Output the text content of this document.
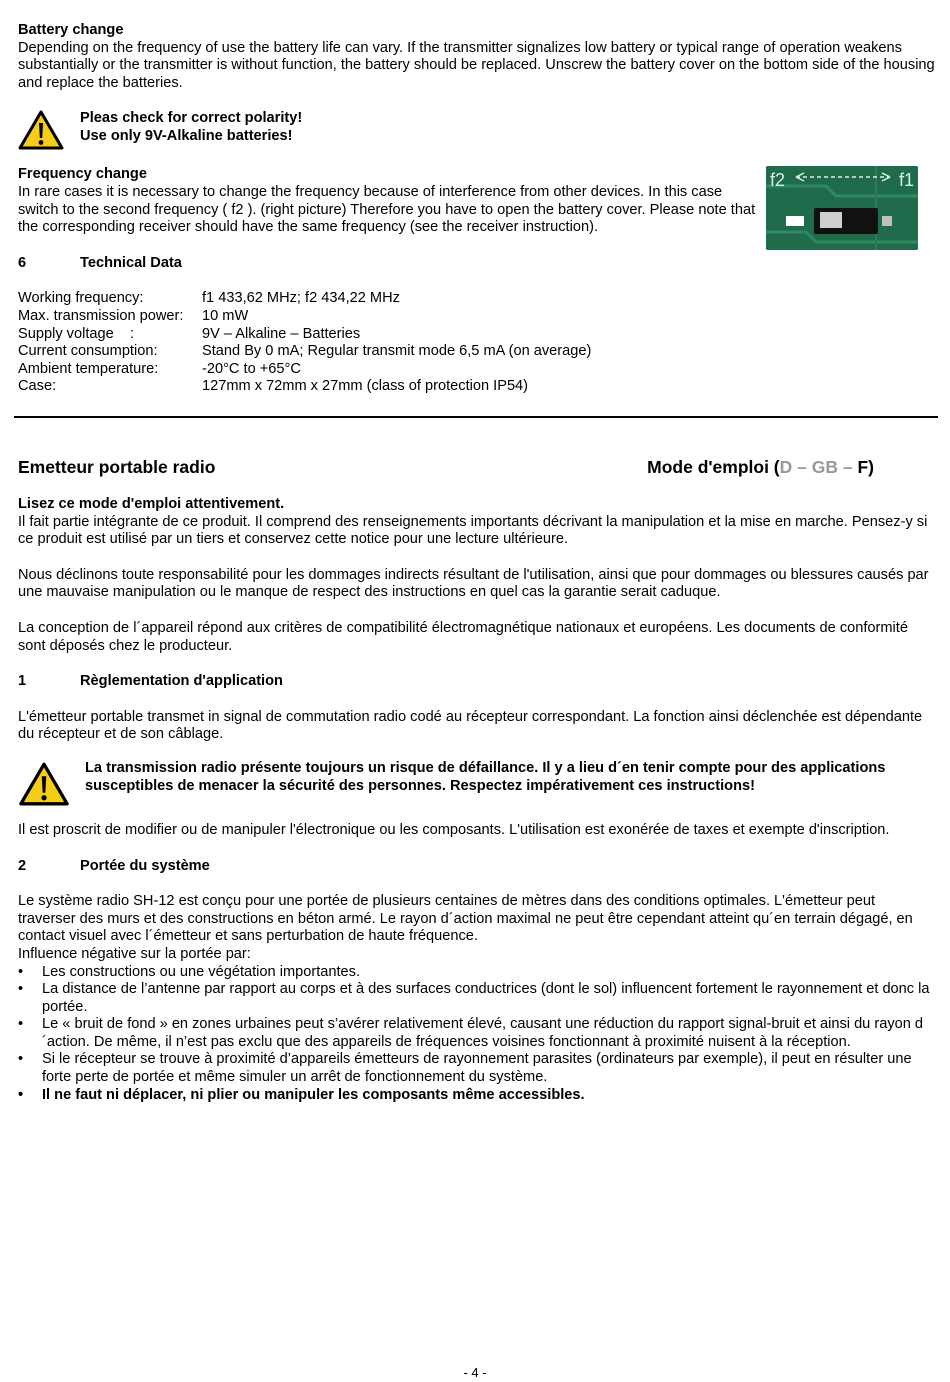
Battery change

Depending on the frequency of use the battery life can vary. If the transmitter signalizes low battery or typical range of operation weakens substantially or the transmitter is without function, the battery should be replaced. Unscrew the battery cover on the bottom side of the housing and replace the batteries.

Pleas check for correct polarity!

Use only 9V-Alkaline batteries!

Frequency change

In rare cases it is necessary to change the frequency because of interference from other devices. In this case switch to the second frequency ( f2 ). (right picture) Therefore you have to open the battery cover. Please note that the corresponding receiver should have the same frequency (see the receiver instruction).

f2	f1
6	Technical Data
Working frequency:	f1 433,62 MHz; f2 434,22 MHz
Max. transmission power:	10 mW
Supply voltage    :	9V – Alkaline – Batteries
Current consumption:	Stand By 0 mA; Regular transmit mode 6,5 mA (on average)
Ambient temperature:	-20°C to +65°C
Case:	127mm x 72mm x 27mm (class of protection IP54)
Emetteur portable radio	Mode d'emploi (D – GB – F)

Lisez ce mode d'emploi attentivement.

Il fait partie intégrante de ce produit. Il comprend des renseignements importants décrivant la manipulation et la mise en marche. Pensez-y si ce produit est utilisé par un tiers et conservez cette notice pour une lecture ultérieure.

Nous déclinons toute responsabilité pour les dommages indirects résultant de l'utilisation, ainsi que pour dommages ou blessures causés par une mauvaise manipulation ou le manque de respect des instructions en quel cas la garantie serait caduque.

La conception de l´appareil répond aux critères de compatibilité électromagnétique nationaux et européens. Les documents de conformité sont déposés chez le producteur.

1	Règlementation d'application

L'émetteur portable transmet in signal de commutation radio codé au récepteur correspondant. La fonction ainsi déclenchée est dépendante du récepteur et de son câblage.

La transmission radio présente toujours un risque de défaillance. Il y a lieu d´en tenir compte pour des applications susceptibles de menacer la sécurité des personnes. Respectez impérativement ces instructions!

Il est proscrit de modifier ou de manipuler l'électronique ou les composants. L'utilisation est exonérée de taxes et exempte d'inscription.

2	Portée du système

Le système radio SH-12 est conçu pour une portée de plusieurs centaines de mètres dans des conditions optimales. L'émetteur peut traverser des murs et des constructions en béton armé. Le rayon d´action maximal ne peut être cependant atteint qu´en terrain dégagé, en contact visuel avec l´émetteur et sans perturbation de haute fréquence.

Influence négative sur la portée par:

• Les constructions ou une végétation importantes.
• La distance de l’antenne par rapport au corps et à des surfaces conductrices (dont le sol) influencent fortement le rayonnement et donc la portée.
• Le « bruit de fond » en zones urbaines peut s’avérer relativement élevé, causant une réduction du rapport signal-bruit et ainsi du rayon d´action. De même, il n’est pas exclu que des appareils de fréquences voisines fonctionnant à proximité nuisent à la réception.
• Si le récepteur se trouve à proximité d’appareils émetteurs de rayonnement parasites (ordinateurs par exemple), il peut en résulter une forte perte de portée et même simuler un arrêt de fonctionnement du système.
• Il ne faut ni déplacer, ni plier ou manipuler les composants même accessibles.
- 4 -
